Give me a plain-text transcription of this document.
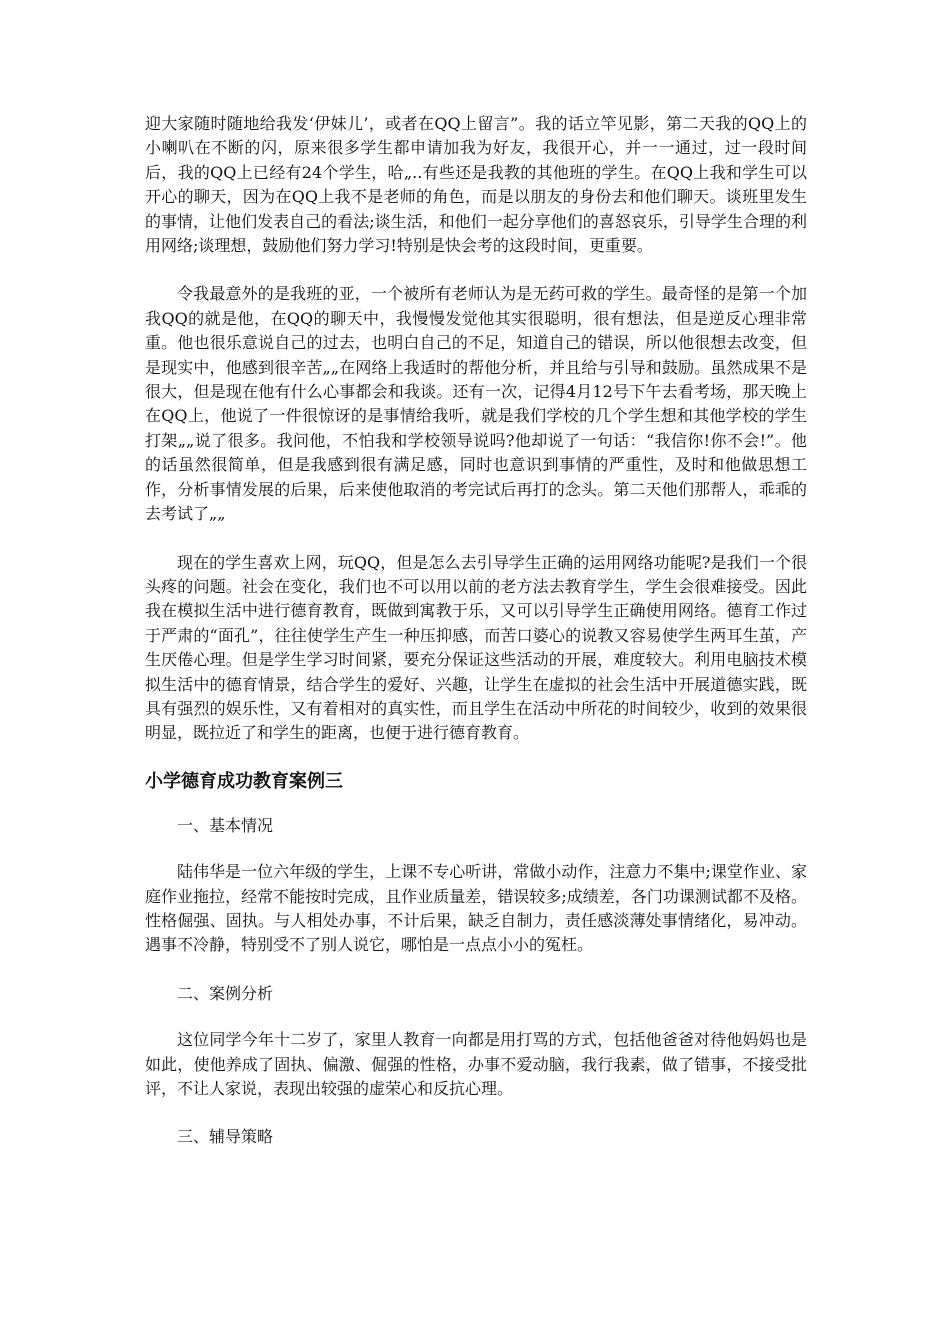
迎大家随时随地给我发‘伊妹儿’，或者在QQ上留言”。我的话立竿见影，第二天我的QQ上的小喇叭在不断的闪，原来很多学生都申请加我为好友，我很开心，并一一通过，过一段时间后，我的QQ上已经有24个学生，哈„..有些还是我教的其他班的学生。在QQ上我和学生可以开心的聊天，因为在QQ上我不是老师的角色，而是以朋友的身份去和他们聊天。谈班里发生的事情，让他们发表自己的看法;谈生活，和他们一起分享他们的喜怒哀乐，引导学生合理的利用网络;谈理想，鼓励他们努力学习!特别是快会考的这段时间，更重要。

令我最意外的是我班的亚，一个被所有老师认为是无药可救的学生。最奇怪的是第一个加我QQ的就是他，在QQ的聊天中，我慢慢发觉他其实很聪明，很有想法，但是逆反心理非常重。他也很乐意说自己的过去，也明白自己的不足，知道自己的错误，所以他很想去改变，但是现实中，他感到很辛苦„„在网络上我适时的帮他分析，并且给与引导和鼓励。虽然成果不是很大，但是现在他有什么心事都会和我谈。还有一次，记得4月12号下午去看考场，那天晚上在QQ上，他说了一件很惊讶的是事情给我听，就是我们学校的几个学生想和其他学校的学生打架„„说了很多。我问他，不怕我和学校领导说吗?他却说了一句话：“我信你!你不会!”。他的话虽然很简单，但是我感到很有满足感，同时也意识到事情的严重性，及时和他做思想工作，分析事情发展的后果，后来使他取消的考完试后再打的念头。第二天他们那帮人，乖乖的去考试了„„

现在的学生喜欢上网，玩QQ，但是怎么去引导学生正确的运用网络功能呢?是我们一个很头疼的问题。社会在变化，我们也不可以用以前的老方法去教育学生，学生会很难接受。因此我在模拟生活中进行德育教育，既做到寓教于乐，又可以引导学生正确使用网络。德育工作过于严肃的“面孔”，往往使学生产生一种压抑感，而苦口婆心的说教又容易使学生两耳生茧，产生厌倦心理。但是学生学习时间紧，要充分保证这些活动的开展，难度较大。利用电脑技术模拟生活中的德育情景，结合学生的爱好、兴趣，让学生在虚拟的社会生活中开展道德实践，既具有强烈的娱乐性，又有着相对的真实性，而且学生在活动中所花的时间较少，收到的效果很明显，既拉近了和学生的距离，也便于进行德育教育。

小学德育成功教育案例三

一、基本情况

陆伟华是一位六年级的学生，上课不专心听讲，常做小动作，注意力不集中;课堂作业、家庭作业拖拉，经常不能按时完成，且作业质量差，错误较多;成绩差，各门功课测试都不及格。性格倔强、固执。与人相处办事，不计后果，缺乏自制力，责任感淡薄处事情绪化，易冲动。遇事不冷静，特别受不了别人说它，哪怕是一点点小小的冤枉。

二、案例分析

这位同学今年十二岁了，家里人教育一向都是用打骂的方式，包括他爸爸对待他妈妈也是如此，使他养成了固执、偏激、倔强的性格，办事不爱动脑，我行我素，做了错事，不接受批评，不让人家说，表现出较强的虚荣心和反抗心理。

三、辅导策略
